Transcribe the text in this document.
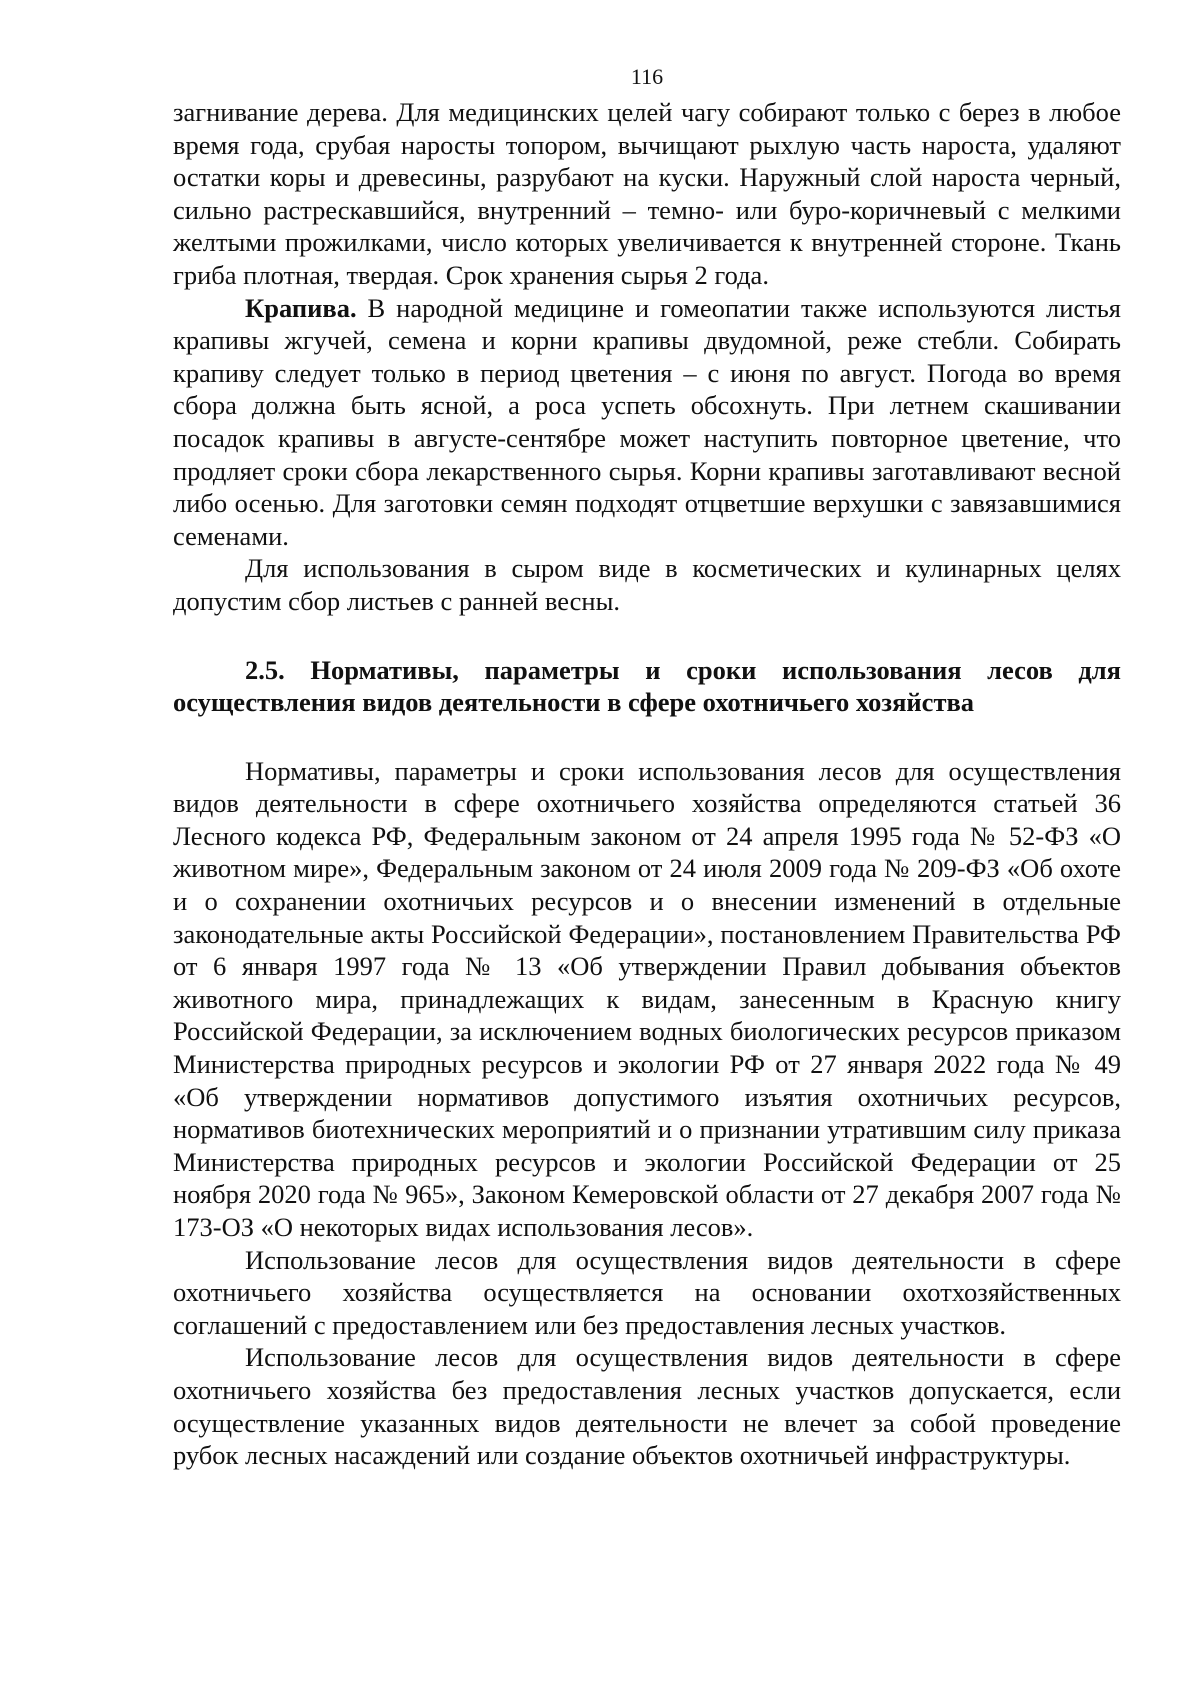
116

загнивание дерева. Для медицинских целей чагу собирают только с берез в любое время года, срубая наросты топором, вычищают рыхлую часть нароста, удаляют остатки коры и древесины, разрубают на куски. Наружный слой нароста черный, сильно растрескавшийся, внутренний – темно- или буро-коричневый с мелкими желтыми прожилками, число которых увеличивается к внутренней стороне. Ткань гриба плотная, твердая. Срок хранения сырья 2 года.

Крапива. В народной медицине и гомеопатии также используются листья крапивы жгучей, семена и корни крапивы двудомной, реже стебли. Собирать крапиву следует только в период цветения – с июня по август. Погода во время сбора должна быть ясной, а роса успеть обсохнуть. При летнем скашивании посадок крапивы в августе-сентябре может наступить повторное цветение, что продляет сроки сбора лекарственного сырья. Корни крапивы заготавливают весной либо осенью. Для заготовки семян подходят отцветшие верхушки с завязавшимися семенами.

Для использования в сыром виде в косметических и кулинарных целях допустим сбор листьев с ранней весны.

2.5. Нормативы, параметры и сроки использования лесов для осуществления видов деятельности в сфере охотничьего хозяйства

Нормативы, параметры и сроки использования лесов для осуществления видов деятельности в сфере охотничьего хозяйства определяются статьей 36 Лесного кодекса РФ, Федеральным законом от 24 апреля 1995 года № 52-ФЗ «О животном мире», Федеральным законом от 24 июля 2009 года № 209-ФЗ «Об охоте и о сохранении охотничьих ресурсов и о внесении изменений в отдельные законодательные акты Российской Федерации», постановлением Правительства РФ от 6 января 1997 года № 13 «Об утверждении Правил добывания объектов животного мира, принадлежащих к видам, занесенным в Красную книгу Российской Федерации, за исключением водных биологических ресурсов приказом Министерства природных ресурсов и экологии РФ от 27 января 2022 года № 49 «Об утверждении нормативов допустимого изъятия охотничьих ресурсов, нормативов биотехнических мероприятий и о признании утратившим силу приказа Министерства природных ресурсов и экологии Российской Федерации от 25 ноября 2020 года № 965», Законом Кемеровской области от 27 декабря 2007 года № 173-ОЗ «О некоторых видах использования лесов».

Использование лесов для осуществления видов деятельности в сфере охотничьего хозяйства осуществляется на основании охотхозяйственных соглашений с предоставлением или без предоставления лесных участков.

Использование лесов для осуществления видов деятельности в сфере охотничьего хозяйства без предоставления лесных участков допускается, если осуществление указанных видов деятельности не влечет за собой проведение рубок лесных насаждений или создание объектов охотничьей инфраструктуры.
